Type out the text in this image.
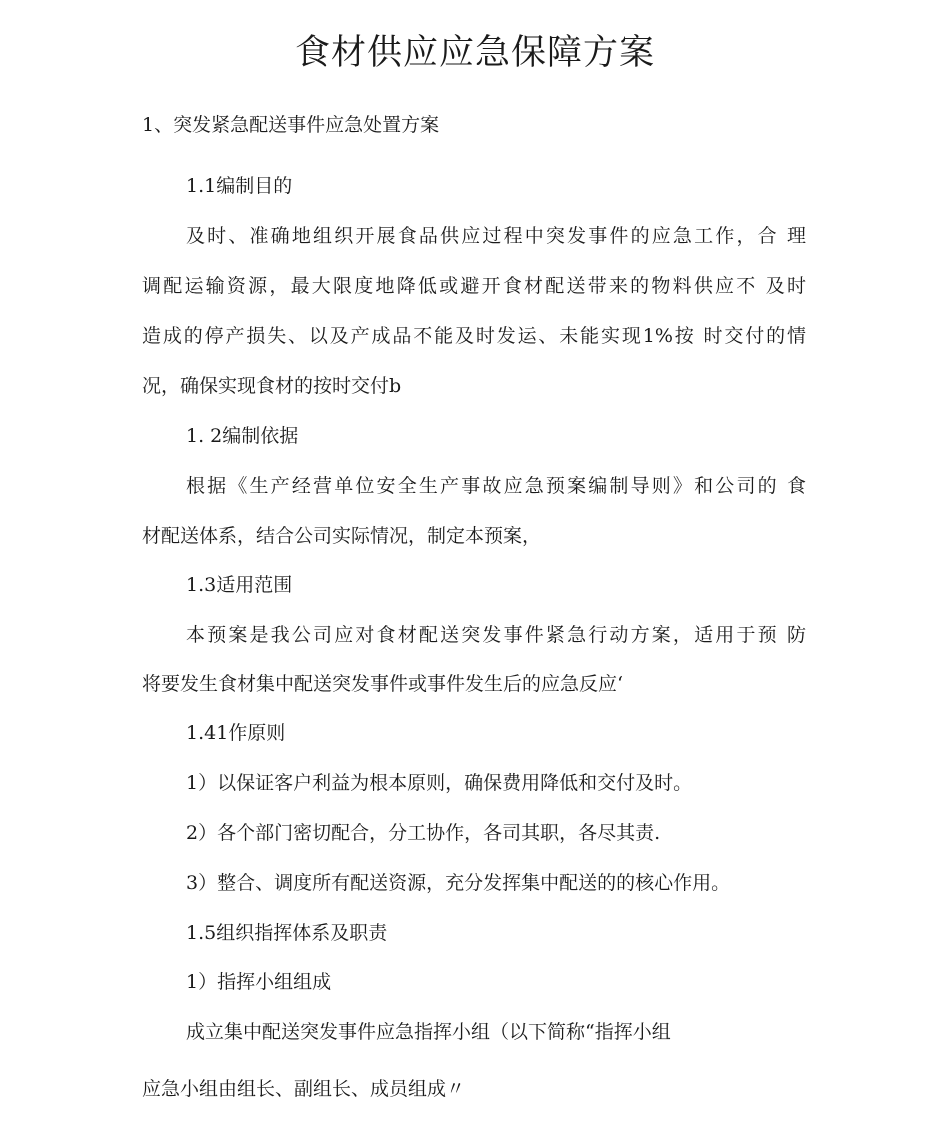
食材供应应急保障方案

1、突发紧急配送事件应急处置方案

1.1编制目的

及时、准确地组织开展食品供应过程中突发事件的应急工作，合 理

调配运输资源，最大限度地降低或避开食材配送带来的物料供应不 及时

造成的停产损失、以及产成品不能及时发运、未能实现1%按 时交付的情

况，确保实现食材的按时交付b

1. 2编制依据

根据《生产经营单位安全生产事故应急预案编制导则》和公司的 食

材配送体系，结合公司实际情况，制定本预案，

1.3适用范围

本预案是我公司应对食材配送突发事件紧急行动方案，适用于预 防

将要发生食材集中配送突发事件或事件发生后的应急反应‘

1.41作原则

1）以保证客户利益为根本原则，确保费用降低和交付及时。

2）各个部门密切配合，分工协作，各司其职，各尽其责.

3）整合、调度所有配送资源，充分发挥集中配送的的核心作用。

1.5组织指挥体系及职责

1）指挥小组组成

成立集中配送突发事件应急指挥小组（以下简称“指挥小组

应急小组由组长、副组长、成员组成〃
